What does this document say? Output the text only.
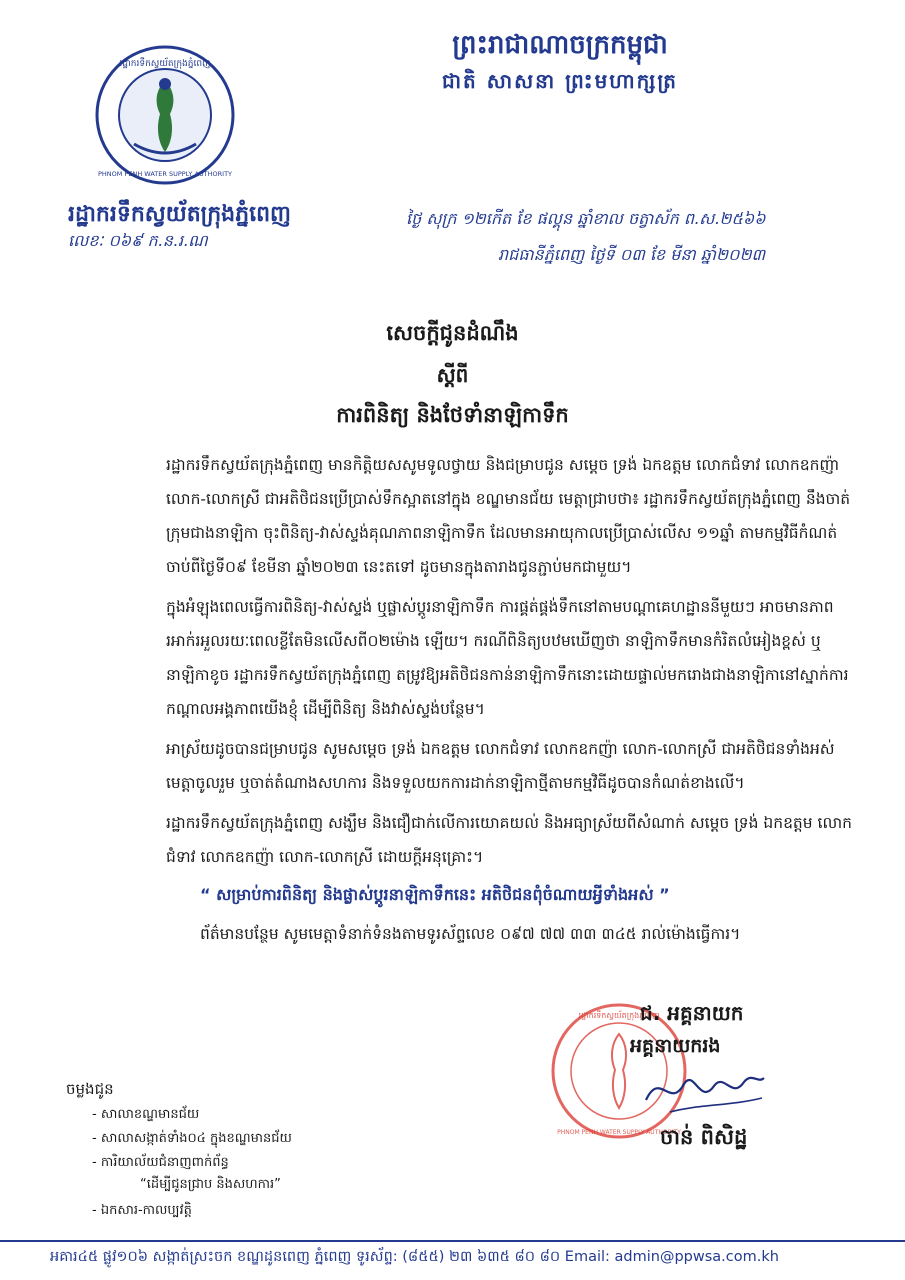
ព្រះរាជាណាចក្រកម្ពុជា
ជាតិ សាសនា ព្រះមហាក្សត្រ
រដ្ឋាករទឹកស្វយ័តក្រុងភ្នំពេញ
PHNOM PENH WATER SUPPLY AUTHORITY
រដ្ឋាករទឹកស្វយ័តក្រុងភ្នំពេញ
លេខៈ ០៦៩ ក.ន.រ.ណ
ថ្ងៃ សុក្រ ១២កើត ខែ ផល្គុន ឆ្នាំខាល ចត្វាស័ក ព.ស.២៥៦៦
រាជធានីភ្នំពេញ ថ្ងៃទី ០៣ ខែ មីនា ឆ្នាំ២០២៣
សេចក្ដីជូនដំណឹង
ស្ដីពី
ការពិនិត្យ និងថែទាំនាឡិកាទឹក

រដ្ឋាករទឹកស្វយ័តក្រុងភ្នំពេញ មានកិត្តិយសសូមទូលថ្វាយ និងជម្រាបជូន សម្ដេច ទ្រង់ ឯកឧត្តម លោកជំទាវ លោកឧកញ៉ា លោក-លោកស្រី ជាអតិថិជនប្រើប្រាស់ទឹកស្អាតនៅក្នុង ខណ្ឌមានជ័យ មេត្តាជ្រាបថា៖ រដ្ឋាករទឹកស្វយ័តក្រុងភ្នំពេញ នឹងចាត់ក្រុមជាងនាឡិកា ចុះពិនិត្យ-វាស់ស្ទង់គុណភាពនាឡិកាទឹក ដែលមានអាយុកាលប្រើប្រាស់លើស ១១ឆ្នាំ តាមកម្មវិធីកំណត់ចាប់ពីថ្ងៃទី០៩ ខែមីនា ឆ្នាំ២០២៣ នេះតទៅ ដូចមានក្នុងតារាងជូនភ្ជាប់មកជាមួយ។

ក្នុងអំឡុងពេលធ្វើការពិនិត្យ-វាស់ស្ទង់ ឬផ្លាស់ប្ដូរនាឡិកាទឹក ការផ្គត់ផ្គង់ទឹកនៅតាមបណ្ដាគេហដ្ឋាននីមួយៗ អាចមានភាពរអាក់រអួលរយៈពេលខ្លីតែមិនលើសពី០២ម៉ោង ឡើយ។ ករណីពិនិត្យបឋមឃើញថា នាឡិកាទឹកមានកំរិតលំអៀងខ្ពស់ ឬនាឡិកាខូច រដ្ឋាករទឹកស្វយ័តក្រុងភ្នំពេញ តម្រូវឱ្យអតិថិជនកាន់នាឡិកាទឹកនោះដោយផ្ទាល់មករោងជាងនាឡិកានៅស្នាក់ការកណ្ដាលអង្គភាពយើងខ្ញុំ ដើម្បីពិនិត្យ និងវាស់ស្ទង់បន្ថែម។

អាស្រ័យដូចបានជម្រាបជូន សូមសម្ដេច ទ្រង់ ឯកឧត្តម លោកជំទាវ លោកឧកញ៉ា លោក-លោកស្រី ជាអតិថិជនទាំងអស់មេត្តាចូលរួម ឬចាត់តំណាងសហការ និងទទួលយកការដាក់នាឡិកាថ្មីតាមកម្មវិធីដូចបានកំណត់ខាងលើ។

រដ្ឋាករទឹកស្វយ័តក្រុងភ្នំពេញ សង្ឃឹម និងជឿជាក់លើការយោគយល់ និងអធ្យាស្រ័យពីសំណាក់ សម្ដេច ទ្រង់ ឯកឧត្តម លោកជំទាវ លោកឧកញ៉ា លោក-លោកស្រី ដោយក្ដីអនុគ្រោះ។

“ សម្រាប់ការពិនិត្យ និងផ្លាស់ប្ដូរនាឡិកាទឹកនេះ អតិថិជនពុំចំណាយអ្វីទាំងអស់ ”
ព័ត៌មានបន្ថែម សូមមេត្តាទំនាក់ទំនងតាមទូរស័ព្ទលេខ ០៩៧ ៧៧ ៣៣ ៣៤៥ រាល់ម៉ោងធ្វើការ។
រដ្ឋាករទឹកស្វយ័តក្រុងភ្នំពេញ
PHNOM PENH WATER SUPPLY AUTHORITY
ជ. អគ្គនាយក
អគ្គនាយករង
ចាន់ ពិសិដ្ឋ
ចម្លងជូន
- សាលាខណ្ឌមានជ័យ
- សាលាសង្កាត់ទាំង០៤ ក្នុងខណ្ឌមានជ័យ
- ការិយាល័យជំនាញពាក់ព័ន្ធ
“ដើម្បីជូនជ្រាប និងសហការ”
- ឯកសារ-កាលប្បវត្តិ
អគារ៤៥ ផ្លូវ១០៦ សង្កាត់ស្រះចក ខណ្ឌដូនពេញ ភ្នំពេញ ទូរស័ព្ទ: (៨៥៥) ២៣ ៦៣៥ ៨០ ៨០ Email: admin@ppwsa.com.kh
